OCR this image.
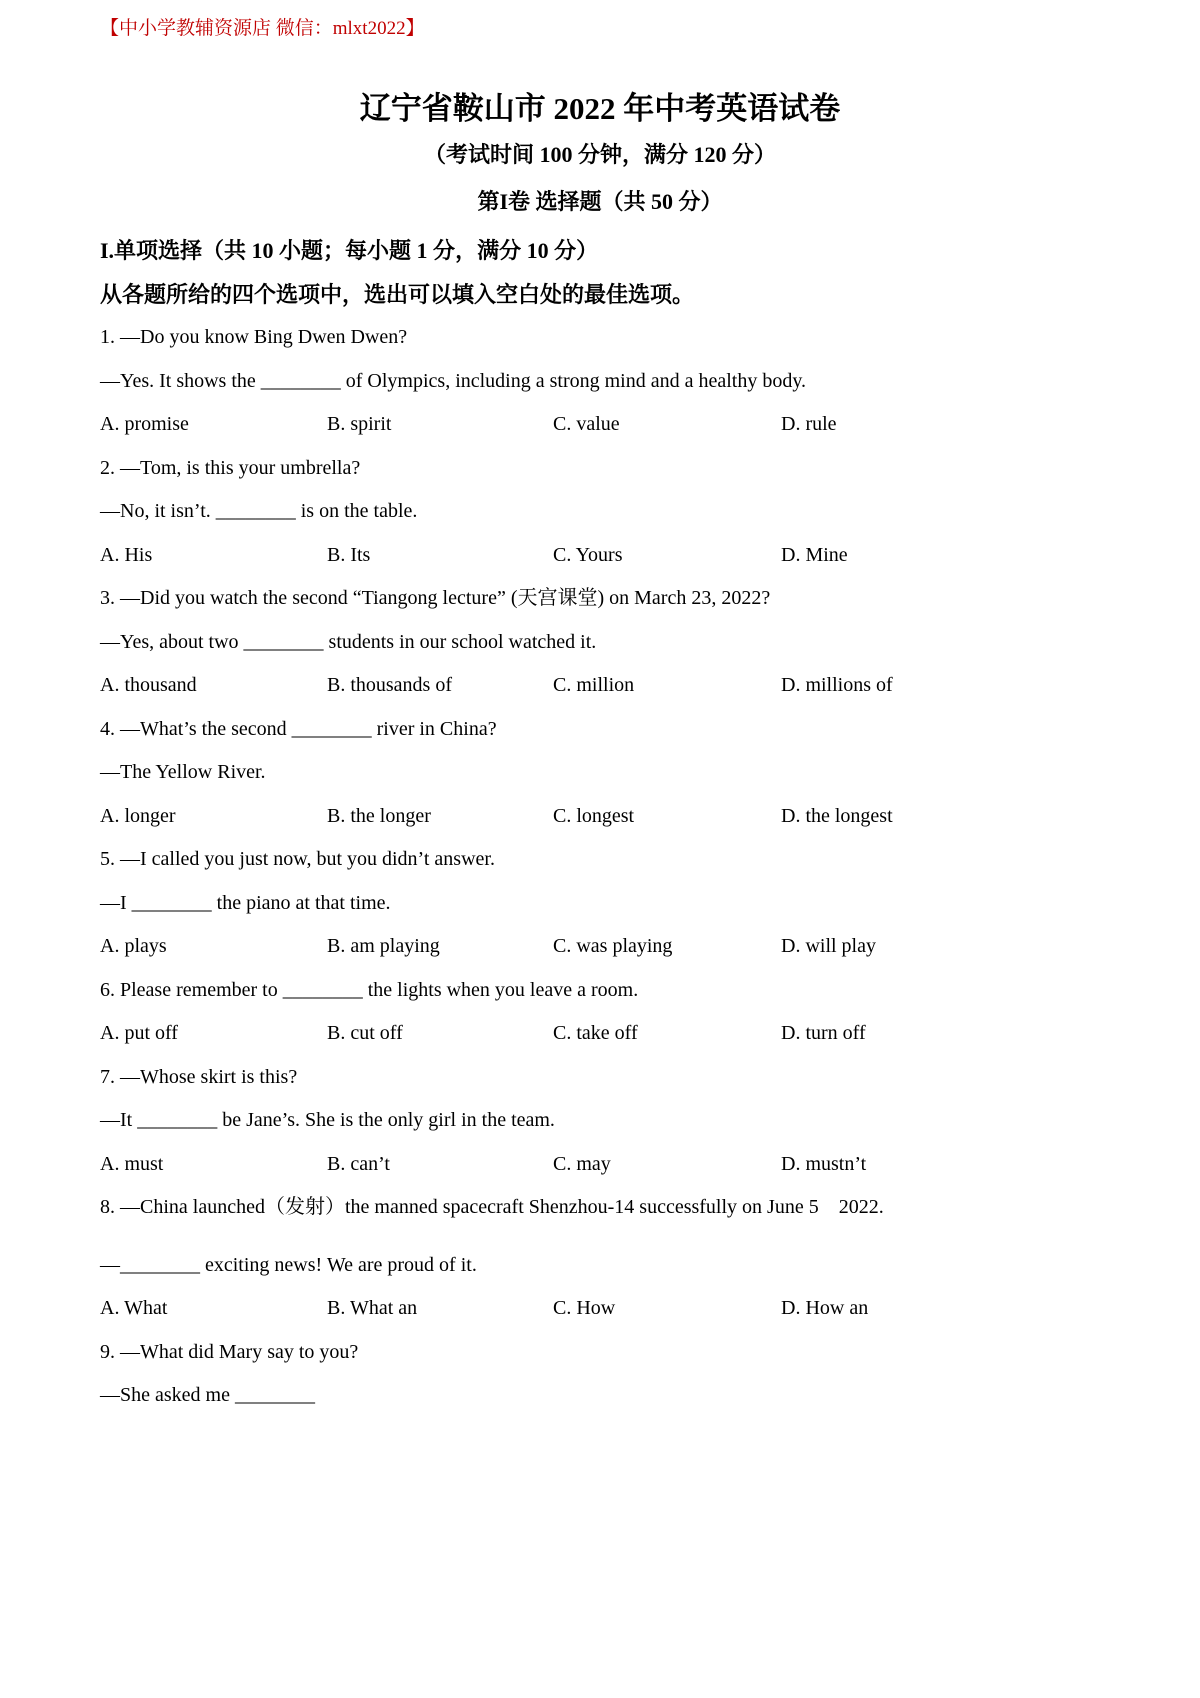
【中小学教辅资源店 微信：mlxt2022】
辽宁省鞍山市 2022 年中考英语试卷
（考试时间 100 分钟，满分 120 分）
第I卷 选择题（共 50 分）
I.单项选择（共 10 小题；每小题 1 分，满分 10 分）
从各题所给的四个选项中，选出可以填入空白处的最佳选项。
1. —Do you know Bing Dwen Dwen?
—Yes. It shows the ________ of Olympics, including a strong mind and a healthy body.
A. promise	B. spirit	C. value	D. rule
2. —Tom, is this your umbrella?
—No, it isn’t. ________ is on the table.
A. His	B. Its	C. Yours	D. Mine
3. —Did you watch the second “Tiangong lecture” (天宫课堂) on March 23, 2022?
—Yes, about two ________ students in our school watched it.
A. thousand	B. thousands of	C. million	D. millions of
4. —What’s the second ________ river in China?
—The Yellow River.
A. longer	B. the longer	C. longest	D. the longest
5. —I called you just now, but you didn’t answer.
—I ________ the piano at that time.
A. plays	B. am playing	C. was playing	D. will play
6. Please remember to ________ the lights when you leave a room.
A. put off	B. cut off	C. take off	D. turn off
7. —Whose skirt is this?
—It ________ be Jane’s. She is the only girl in the team.
A. must	B. can’t	C. may	D. mustn’t
8. —China launched（发射）the manned spacecraft Shenzhou-14 successfully on June 5　2022.
—________ exciting news! We are proud of it.
A. What	B. What an	C. How	D. How an
9. —What did Mary say to you?
—She asked me ________
